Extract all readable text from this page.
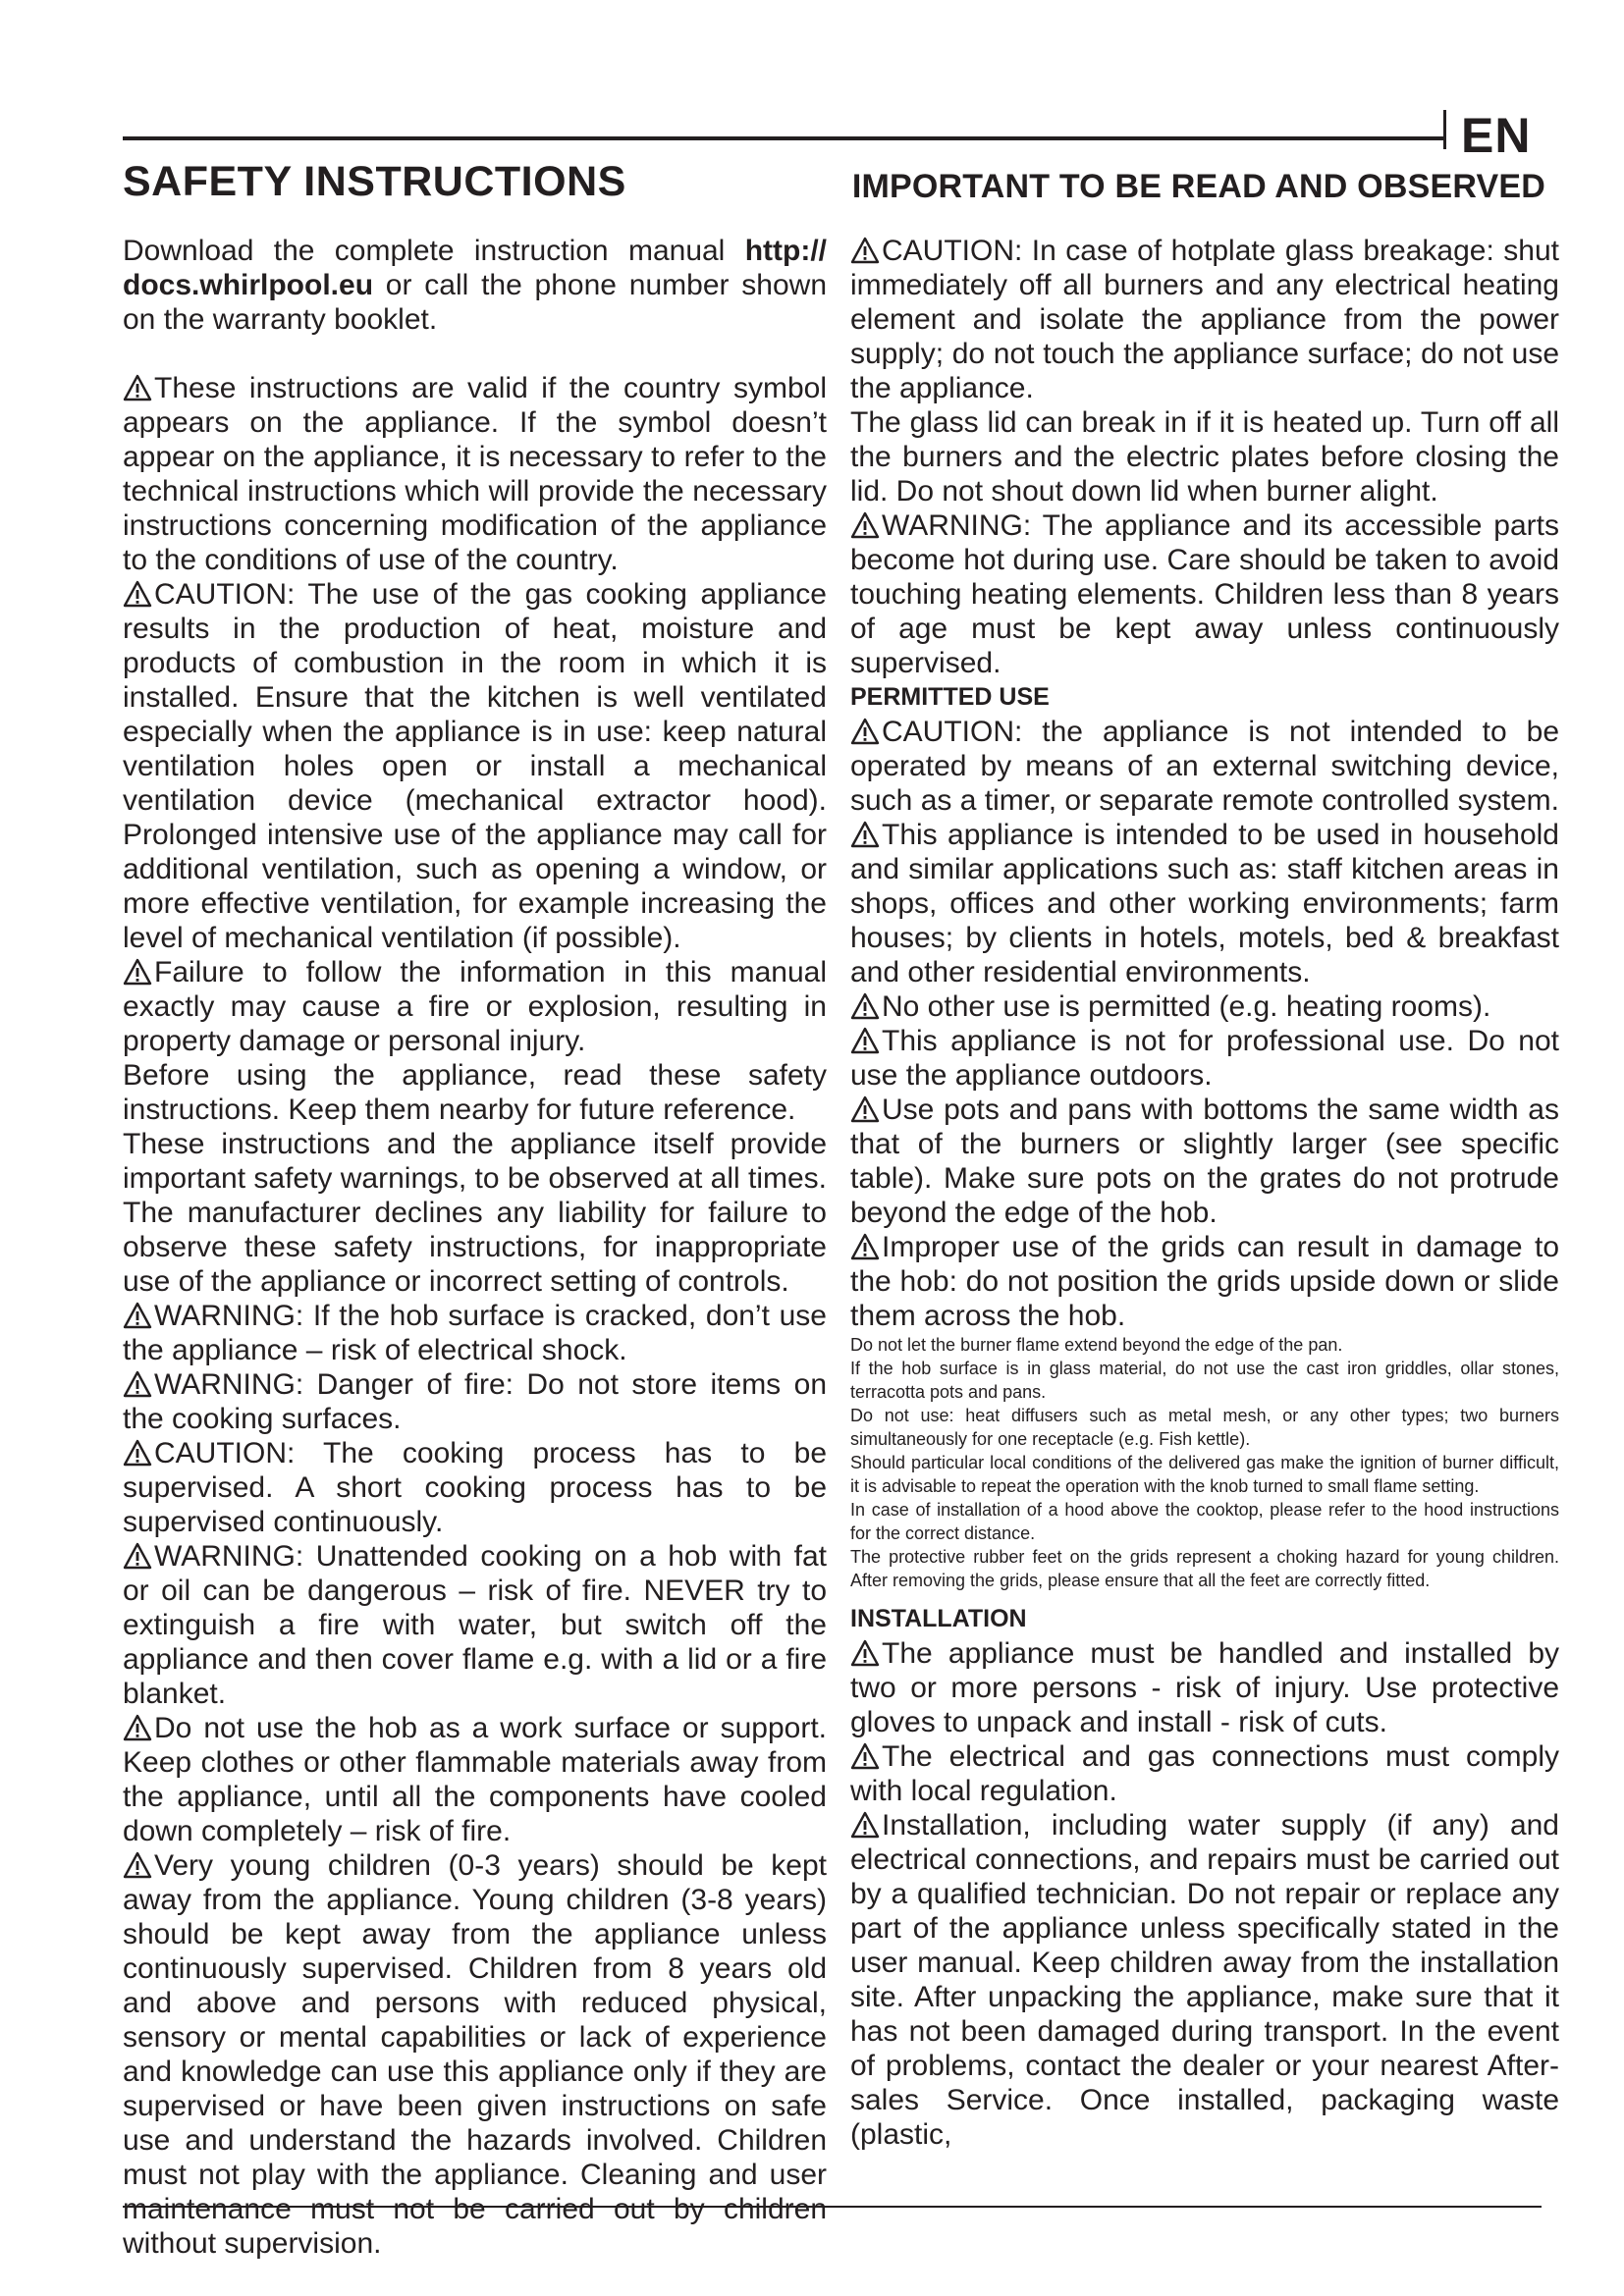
EN
SAFETY INSTRUCTIONS	IMPORTANT TO BE READ AND OBSERVED

Download the complete instruction manual http:// docs.whirlpool.eu or call the phone number shown on the warranty booklet.

These instructions are valid if the country symbol appears on the appliance. If the symbol doesn’t appear on the appliance, it is necessary to refer to the technical instructions which will provide the necessary instructions concerning modification of the appliance to the conditions of use of the country.

CAUTION: The use of the gas cooking appliance results in the production of heat, moisture and products of combustion in the room in which it is installed. Ensure that the kitchen is well ventilated especially when the appliance is in use: keep natural ventilation holes open or install a mechanical ventilation device (mechanical extractor hood). Prolonged intensive use of the appliance may call for additional ventilation, such as opening a window, or more effective ventilation, for example increasing the level of mechanical ventilation (if possible).

Failure to follow the information in this manual exactly may cause a fire or explosion, resulting in property damage or personal injury.

Before using the appliance, read these safety instructions. Keep them nearby for future reference.

These instructions and the appliance itself provide important safety warnings, to be observed at all times. The manufacturer declines any liability for failure to observe these safety instructions, for inappropriate use of the appliance or incorrect setting of controls.

WARNING: If the hob surface is cracked, don’t use the appliance – risk of electrical shock.

WARNING: Danger of fire: Do not store items on the cooking surfaces.

CAUTION: The cooking process has to be supervised. A short cooking process has to be supervised continuously.

WARNING: Unattended cooking on a hob with fat or oil can be dangerous – risk of fire. NEVER try to extinguish a fire with water, but switch off the appliance and then cover flame e.g. with a lid or a fire blanket.

Do not use the hob as a work surface or support. Keep clothes or other flammable materials away from the appliance, until all the components have cooled down completely – risk of fire.

Very young children (0-3 years) should be kept away from the appliance. Young children (3-8 years) should be kept away from the appliance unless continuously supervised. Children from 8 years old and above and persons with reduced physical, sensory or mental capabilities or lack of experience and knowledge can use this appliance only if they are supervised or have been given instructions on safe use and understand the hazards involved. Children must not play with the appliance. Cleaning and user maintenance must not be carried out by children without supervision.

CAUTION: In case of hotplate glass breakage: shut immediately off all burners and any electrical heating element and isolate the appliance from the power supply; do not touch the appliance surface; do not use the appliance.

The glass lid can break in if it is heated up. Turn off all the burners and the electric plates before closing the lid. Do not shout down lid when burner alight.

WARNING: The appliance and its accessible parts become hot during use. Care should be taken to avoid touching heating elements. Children less than 8 years of age must be kept away unless continuously supervised.

PERMITTED USE

CAUTION: the appliance is not intended to be operated by means of an external switching device, such as a timer, or separate remote controlled system.

This appliance is intended to be used in household and similar applications such as: staff kitchen areas in shops, offices and other working environments; farm houses; by clients in hotels, motels, bed & breakfast and other residential environments.

No other use is permitted (e.g. heating rooms).

This appliance is not for professional use. Do not use the appliance outdoors.

Use pots and pans with bottoms the same width as that of the burners or slightly larger (see specific table). Make sure pots on the grates do not protrude beyond the edge of the hob.

Improper use of the grids can result in damage to the hob: do not position the grids upside down or slide them across the hob.

Do not let the burner flame extend beyond the edge of the pan.

If the hob surface is in glass material, do not use the cast iron griddles, ollar stones, terracotta pots and pans.

Do not use: heat diffusers such as metal mesh, or any other types; two burners simultaneously for one receptacle (e.g. Fish kettle).

Should particular local conditions of the delivered gas make the ignition of burner difficult, it is advisable to repeat the operation with the knob turned to small flame setting.

In case of installation of a hood above the cooktop, please refer to the hood instructions for the correct distance.

The protective rubber feet on the grids represent a choking hazard for young children. After removing the grids, please ensure that all the feet are correctly fitted.

INSTALLATION

The appliance must be handled and installed by two or more persons - risk of injury. Use protective gloves to unpack and install - risk of cuts.

The electrical and gas connections must comply with local regulation.

Installation, including water supply (if any) and electrical connections, and repairs must be carried out by a qualified technician. Do not repair or replace any part of the appliance unless specifically stated in the user manual. Keep children away from the installation site. After unpacking the appliance, make sure that it has not been damaged during transport. In the event of problems, contact the dealer or your nearest After-sales Service. Once installed, packaging waste (plastic,
